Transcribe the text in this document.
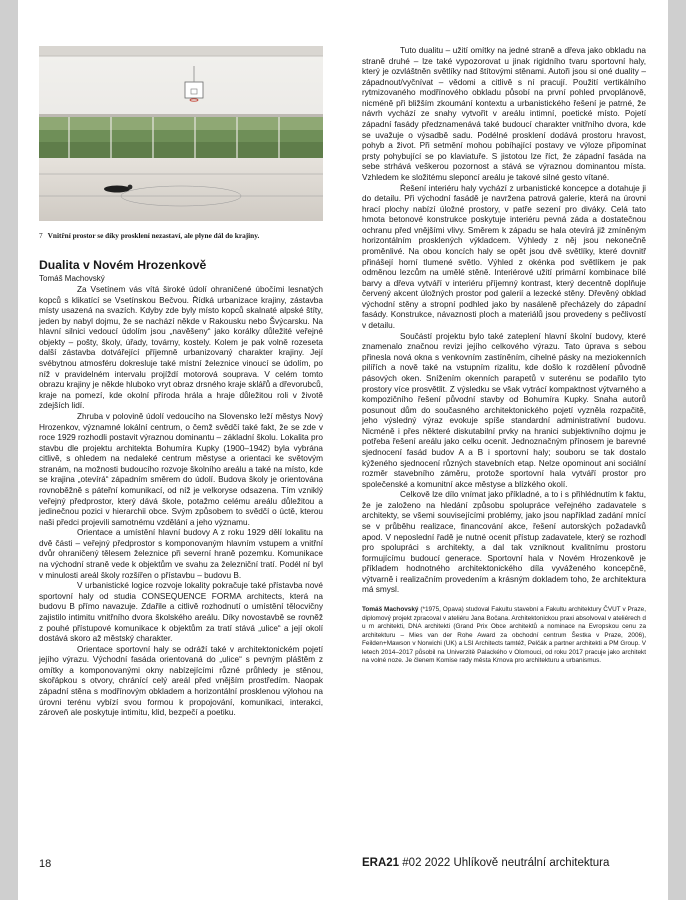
7 Vnitřní prostor se díky prosklení nezastaví, ale plyne dál do krajiny.

Dualita v Novém Hrozenkově
Tomáš Machovský

Za Vsetínem vás vítá široké údolí ohraničené úbočími lesnatých kopců s klikatící se Vsetínskou Bečvou. Řídká urbanizace krajiny, zástavba místy usazená na svazích. Kdyby zde byly místo kopců skalnaté alpské štíty, jeden by nabyl dojmu, že se nachází někde v Rakousku nebo Švýcarsku. Na hlavní silnici vedoucí údolím jsou „navěšeny“ jako korálky důležité veřejné objekty – pošty, školy, úřady, továrny, kostely. Kolem je pak volně rozeseta další zástavba dotvářející příjemně urbanizovaný charakter krajiny. Její svébytnou atmosféru dokresluje také místní železnice vinoucí se údolím, po níž v pravidelném intervalu projíždí motorová souprava. V celém tomto obrazu krajiny je někde hluboko vryt obraz drsného kraje sklářů a dřevorubců, kraje na pomezí, kde okolní příroda hrála a hraje důležitou roli v životě zdejších lidí.

Zhruba v polovině údolí vedoucího na Slovensko leží městys Nový Hrozenkov, významné lokální centrum, o čemž svědčí také fakt, že se zde v roce 1929 rozhodli postavit výraznou dominantu – základní školu. Lokalita pro stavbu dle projektu architekta Bohumíra Kupky (1900–1942) byla vybrána citlivě, s ohledem na nedaleké centrum městyse a orientaci ke světovým stranám, na možnosti budoucího rozvoje školního areálu a také na místo, kde se krajina „otevírá“ západním směrem do údolí. Budova školy je orientována rovnoběžně s páteřní komunikací, od níž je velkoryse odsazena. Tím vzniklý veřejný předprostor, který dává škole, potažmo celému areálu důležitou a jedinečnou pozici v hierarchii obce. Svým způsobem to svědčí o úctě, kterou naši předci projevili samotnému vzdělání a jeho významu.

Orientace a umístění hlavní budovy A z roku 1929 dělí lokalitu na dvě části – veřejný předprostor s komponovaným hlavním vstupem a vnitřní dvůr ohraničený tělesem železnice při severní hraně pozemku. Komunikace na východní straně vede k objektům ve svahu za železniční tratí. Podél ní byl v minulosti areál školy rozšířen o přístavbu – budovu B.

V urbanistické logice rozvoje lokality pokračuje také přístavba nové sportovní haly od studia CONSEQUENCE FORMA architects, která na budovu B přímo navazuje. Zdařile a citlivě rozhodnutí o umístění tělocvičny zajistilo intimitu vnitřního dvora školského areálu. Díky novostavbě se rovněž z pouhé přístupové komunikace k objektům za tratí stává „ulice“ a její okolí dostává skoro až městský charakter.

Orientace sportovní haly se odráží také v architektonickém pojetí jejího výrazu. Východní fasáda orientovaná do „ulice“ s pevným pláštěm z omítky a komponovanými okny nabízejícími různé průhledy je stěnou, skořápkou s otvory, chránící celý areál před vnějším prostředím. Naopak západní stěna s modřínovým obkladem a horizontální prosklenou výlohou na úrovni terénu vybízí svou formou k propojování, komunikaci, interakci, zároveň ale poskytuje intimitu, klid, bezpečí a poetiku.

Tuto dualitu – užití omítky na jedné straně a dřeva jako obkladu na straně druhé – lze také vypozorovat u jinak rigidního tvaru sportovní haly, který je ozvláštněn světlíky nad štítovými stěnami. Autoři jsou si oné duality – západnout/vyčnívat – vědomi a citlivě s ní pracují. Použití vertikálního rytmizovaného modřínového obkladu působí na první pohled prvoplánově, nicméně při bližším zkoumání kontextu a urbanistického řešení je patrné, že návrh vychází ze snahy vytvořit v areálu intimní, poetické místo. Pojetí západní fasády předznamenává také budoucí charakter vnitřního dvora, kde se uvažuje o výsadbě sadu. Podélné prosklení dodává prostoru hravost, pohyb a život. Při setmění mohou pobíhající postavy ve výloze připomínat prsty pohybující se po klaviatuře. S jistotou lze říct, že západní fasáda na sebe strhává veškerou pozornost a stává se výraznou dominantou místa. Vzhledem ke složitému sleponcí areálu je takové silné gesto vítané.

Řešení interiéru haly vychází z urbanistické koncepce a dotahuje ji do detailu. Při východní fasádě je navržena patrová galerie, která na úrovni hrací plochy nabízí úložné prostory, v patře sezení pro diváky. Celá tato hmota betonové konstrukce poskytuje interiéru pevná záda a dostatečnou ochranu před vnějšími vlivy. Směrem k západu se hala otevírá již zmíněným horizontálním prosklených výkladcem. Výhledy z něj jsou nekonečně proměnlivé. Na obou koncích haly se opět jsou dvě světlíky, které dovnitř přinášejí horní tlumené světlo. Výhled z okénka pod světlíkem je pak odměnou lezcům na umělé stěně. Interiérové užití primární kombinace bílé barvy a dřeva vytváří v interiéru příjemný kontrast, který decentně doplňuje červený akcent úložných prostor pod galerií a lezecké stěny. Dřevěný obklad východní stěny a stropní podhled jako by nasáleně přecházely do západní fasády. Konstrukce, návaznosti ploch a materiálů jsou provedeny s pečlivostí v detailu.

Součástí projektu bylo také zateplení hlavní školní budovy, které znamenalo značnou revizi jejího celkového výrazu. Tato úprava s sebou přinesla nová okna s venkovním zastíněním, cihelné pásky na meziokenních pilířích a nově také na vstupním rizalitu, kde došlo k rozdělení původně pásových oken. Snížením okenních parapetů v suterénu se podařilo tyto prostory více prosvětlit. Z výsledku se však vytrácí kompaktnost výtvarného a kompozičního řešení původní stavby od Bohumíra Kupky. Snaha autorů posunout dům do současného architektonického pojetí vyzněla rozpačitě, jeho výsledný výraz evokuje spíše standardní administrativní budovu. Nicméně i přes některé diskutabilní prvky na hranici subjektivního dojmu je potřeba řešení areálu jako celku ocenit. Jednoznačným přínosem je barevné sjednocení fasád budov A a B i sportovní haly; souboru se tak dostalo kýženého sjednocení různých stavebních etap. Nelze opominout ani sociální rozměr stavebního záměru, protože sportovní hala vytváří prostor pro společenské a komunitní akce městyse a blízkého okolí.

Celkově lze dílo vnímat jako příkladné, a to i s přihlédnutím k faktu, že je založeno na hledání způsobu spolupráce veřejného zadavatele s architekty, se všemi souvisejícími problémy, jako jsou například zadání mnící se v průběhu realizace, financování akce, řešení autorských požadavků apod. V neposlední řadě je nutné ocenit přístup zadavatele, který se rozhodl pro spolupráci s architekty, a dal tak vzniknout kvalitnímu prostoru formujícímu budoucí generace. Sportovní hala v Novém Hrozenkově je příkladem hodnotného architektonického díla vyváženého koncepčně, výtvarně i realizačním provedením a krásným dokladem toho, že architektura má smysl.

Tomáš Machovský (*1975, Opava) studoval Fakultu stavební a Fakultu architektury ČVUT v Praze, diplomový projekt zpracoval v ateliéru Jana Bočana. Architektonickou praxi absolvoval v ateliérech d u m architekti, DNA architekti (Grand Prix Obce architektů a nominace na Evropskou cenu za architekturu – Mies van der Rohe Award za obchodní centrum Šestka v Praze, 2006), Feilden+Mawson v Norwichi (UK) a LSI Architects tamtéž, Pelčák a partner architekti a PM Group. V letech 2014–2017 působil na Univerzitě Palackého v Olomouci, od roku 2017 pracuje jako architekt na volné noze. Je členem Komise rady města Krnova pro architekturu a urbanismus.
18	ERA21 #02 2022 Uhlíkově neutrální architektura
